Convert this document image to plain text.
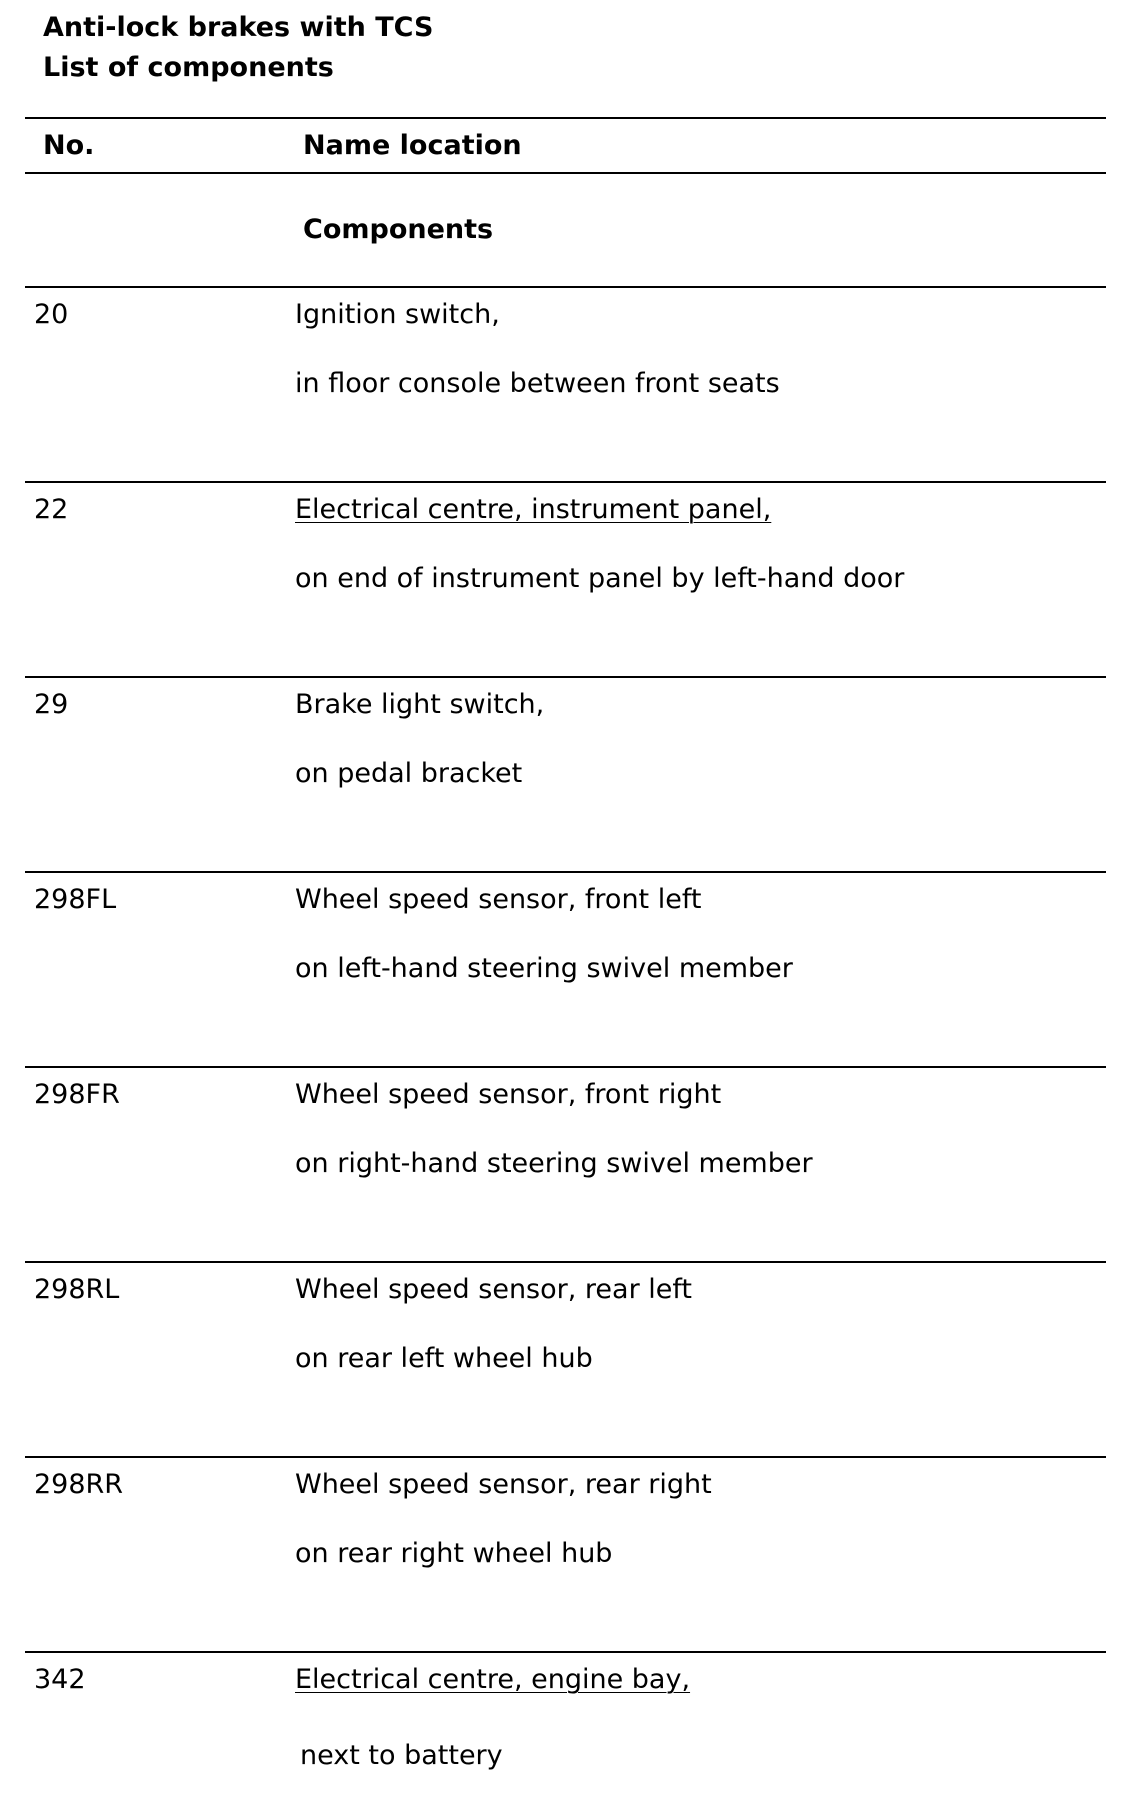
Anti-lock brakes with TCS
List of components
No.	Name location
Components
20	Ignition switch,
in floor console between front seats
22	Electrical centre, instrument panel,
on end of instrument panel by left-hand door
29	Brake light switch,
on pedal bracket
298FL	Wheel speed sensor, front left
on left-hand steering swivel member
298FR	Wheel speed sensor, front right
on right-hand steering swivel member
298RL	Wheel speed sensor, rear left
on rear left wheel hub
298RR	Wheel speed sensor, rear right
on rear right wheel hub
342	Electrical centre, engine bay,
next to battery
